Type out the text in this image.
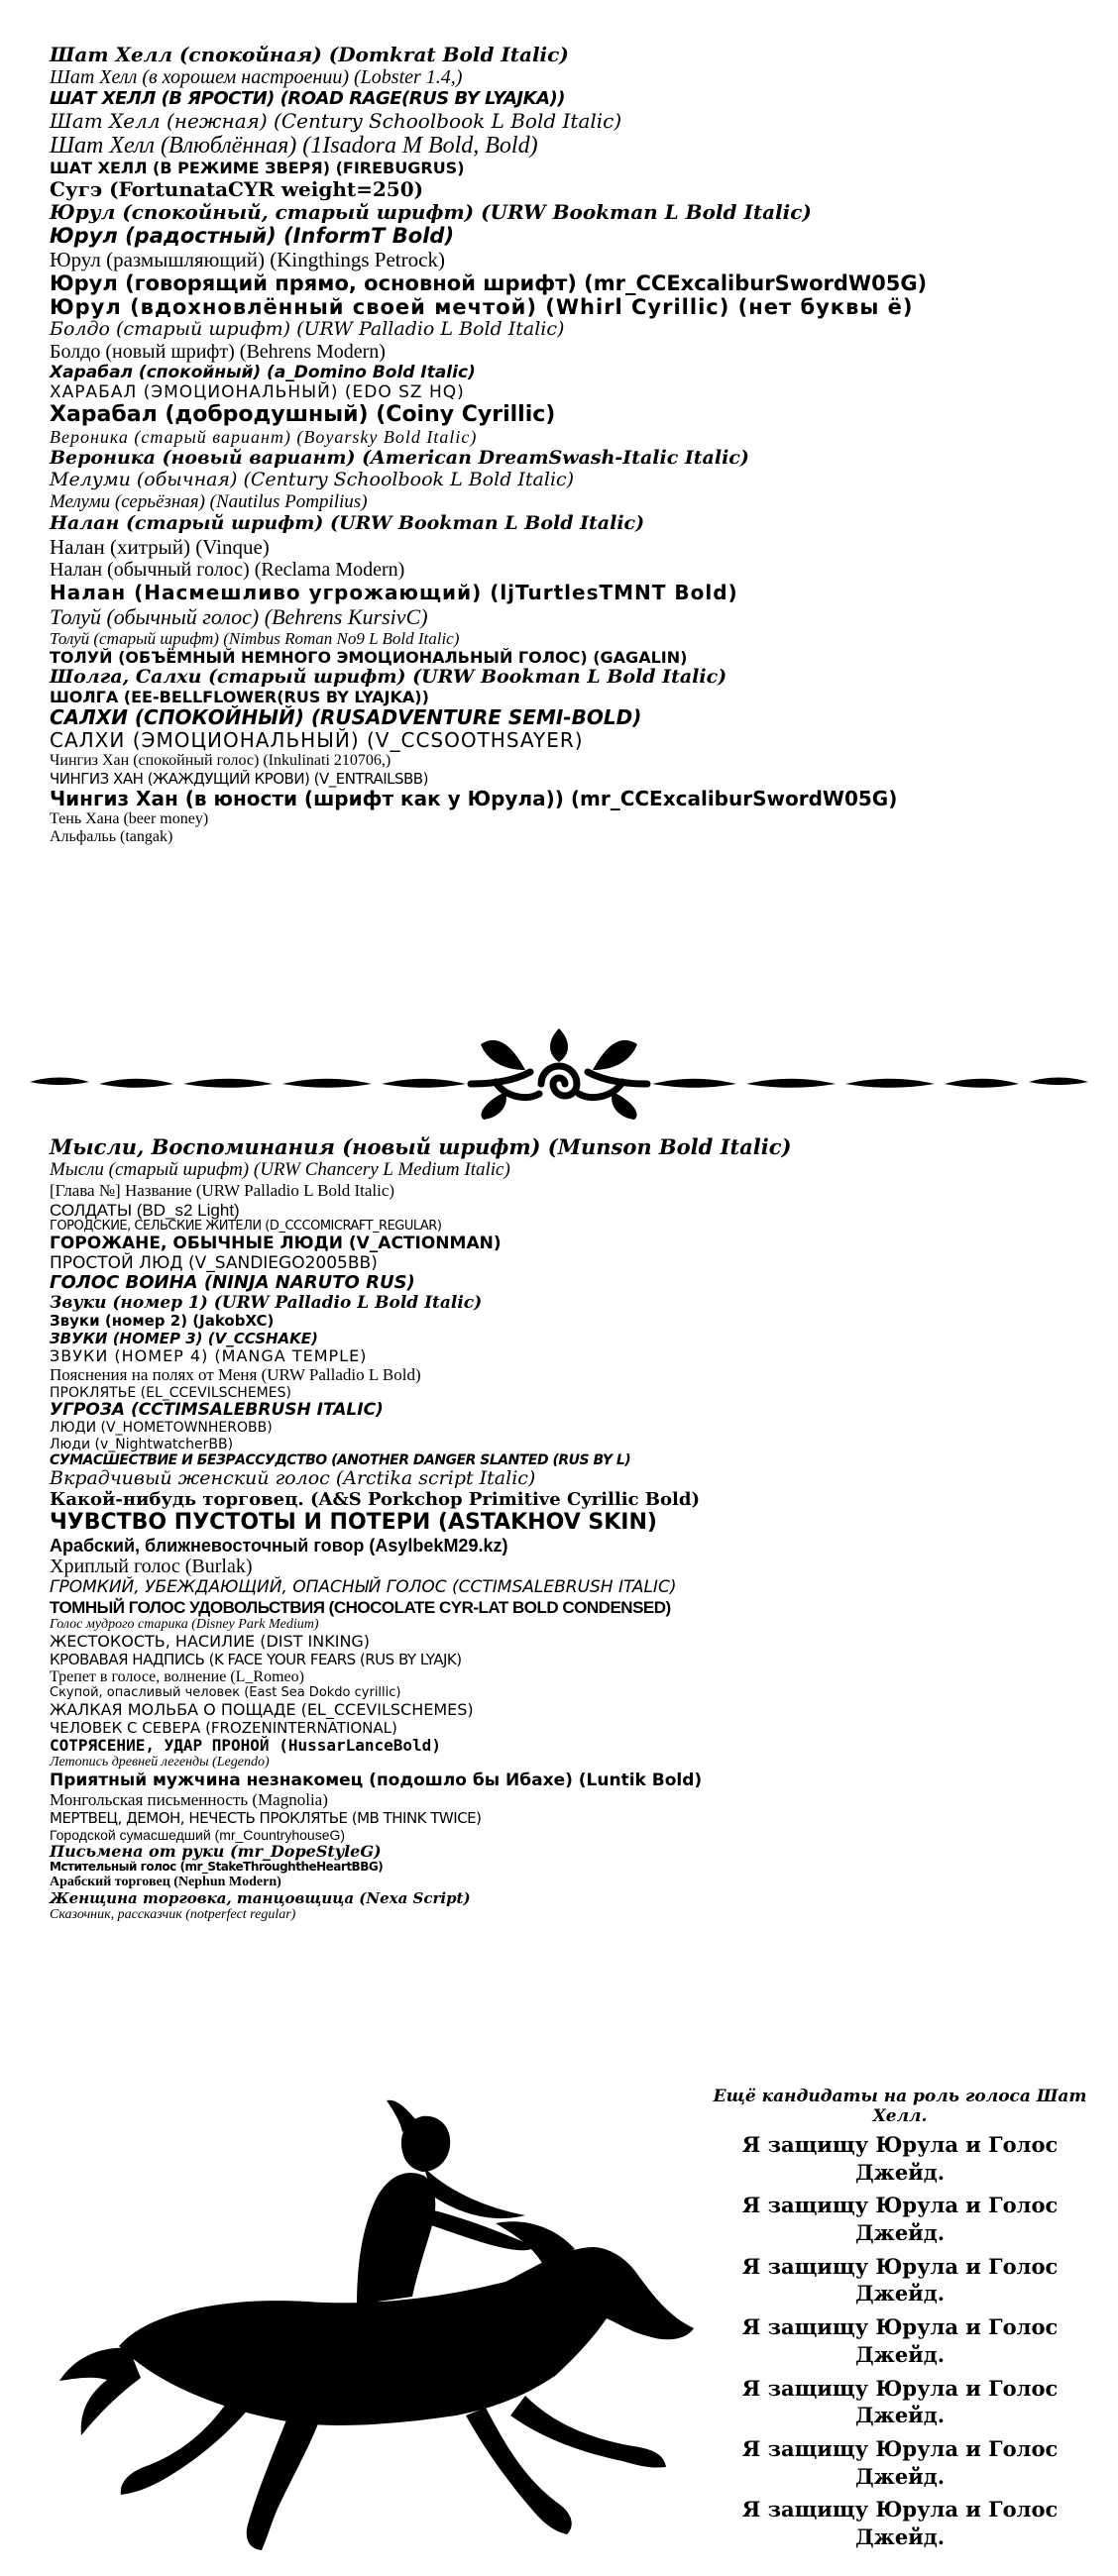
Шат Хелл (спокойная) (Domkrat Bold Italic)

Шат Хелл (в хорошем настроении) (Lobster 1.4,)

ШАТ ХЕЛЛ (В ЯРОСТИ) (ROAD RAGE(RUS BY LYAJKA))

Шат Хелл (нежная) (Century Schoolbook L Bold Italic)

Шат Хелл (Влюблённая) (1Isadora M Bold, Bold)

ШАТ ХЕЛЛ (В РЕЖИМЕ ЗВЕРЯ) (FIREBUGRUS)

Сугэ (FortunataCYR weight=250)

Юрул (спокойный, старый шрифт) (URW Bookman L Bold Italic)

Юрул (радостный) (InformT Bold)

Юрул (размышляющий) (Kingthings Petrock)

Юрул (говорящий прямо, основной шрифт) (mr_CCExcaliburSwordW05G)

Юрул (вдохновлённый своей мечтой) (Whirl Cyrillic) (нет буквы ё)

Болдо (старый шрифт) (URW Palladio L Bold Italic)

Болдо (новый шрифт) (Behrens Modern)

Харабал (спокойный) (a_Domino Bold Italic)

ХАРАБАЛ (ЭМОЦИОНАЛЬНЫЙ) (EDO SZ HQ)

Харабал (добродушный) (Coiny Cyrillic)

Вероника (старый вариант) (Boyarsky Bold Italic)

Вероника (новый вариант) (American DreamSwash-Italic Italic)

Мелуми (обычная) (Century Schoolbook L Bold Italic)

Мелуми (серьёзная) (Nautilus Pompilius)

Налан (старый шрифт) (URW Bookman L Bold Italic)

Налан (хитрый) (Vinque)

Налан (обычный голос) (Reclama Modern)

Налан (Насмешливо угрожающий) (ljTurtlesTMNT Bold)

Толуй (обычный голос) (Behrens KursivC)

Толуй (старый шрифт) (Nimbus Roman No9 L Bold Italic)

ТОЛУЙ (ОБЪЁМНЫЙ НЕМНОГО ЭМОЦИОНАЛЬНЫЙ ГОЛОС) (GAGALIN)

Шолга, Салхи (старый шрифт) (URW Bookman L Bold Italic)

ШОЛГА (EE-BELLFLOWER(RUS BY LYAJKA))

САЛХИ (СПОКОЙНЫЙ) (RUSADVENTURE SEMI-BOLD)

САЛХИ (ЭМОЦИОНАЛЬНЫЙ) (V_CCSOOTHSAYER)

Чингиз Хан (спокойный голос) (Inkulinati 210706,)

ЧИНГИЗ ХАН (ЖАЖДУЩИЙ КРОВИ) (V_ENTRAILSBB)

Чингиз Хан (в юности (шрифт как у Юрула)) (mr_CCExcaliburSwordW05G)

Тень Хана (beer money)

Альфальь (tangak)

Мысли, Воспоминания (новый шрифт) (Munson Bold Italic)

Мысли (старый шрифт) (URW Chancery L Medium Italic)

[Глава №] Название (URW Palladio L Bold Italic)

СОЛДАТЫ (BD_s2 Light)

ГОРОДСКИЕ, СЕЛЬСКИЕ ЖИТЕЛИ (D_CCCOMICRAFT_REGULAR)

ГОРОЖАНЕ, ОБЫЧНЫЕ ЛЮДИ (V_ACTIONMAN)

ПРОСТОЙ ЛЮД (V_SANDIEGO2005BB)

ГОЛОС ВОИНА (NINJA NARUTO RUS)

Звуки (номер 1) (URW Palladio L Bold Italic)

Звуки (номер 2) (JakobXC)

ЗВУКИ (НОМЕР 3) (V_CCSHAKE)

ЗВУКИ (НОМЕР 4) (MANGA TEMPLE)

Пояснения на полях от Меня (URW Palladio L Bold)

ПРОКЛЯТЬЕ (EL_CCEVILSCHEMES)

УГРОЗА (CCTIMSALEBRUSH ITALIC)

ЛЮДИ (V_HOMETOWNHEROBB)

Люди (v_NightwatcherBB)

СУМАСШЕСТВИЕ И БЕЗРАССУДСТВО (ANOTHER DANGER SLANTED (RUS BY L)

Вкрадчивый женский голос (Arctika script Italic)

Какой-нибудь торговец. (A&S Porkchop Primitive Cyrillic Bold)

ЧУВСТВО ПУСТОТЫ И ПОТЕРИ (ASTAKHOV SKIN)

Арабский, ближневосточный говор (AsylbekM29.kz)

Хриплый голос (Burlak)

ГРОМКИЙ, УБЕЖДАЮЩИЙ, ОПАСНЫЙ ГОЛОС (CCTIMSALEBRUSH ITALIC)

ТОМНЫЙ ГОЛОС УДОВОЛЬСТВИЯ (CHOCOLATE CYR-LAT BOLD CONDENSED)

Голос мудрого старика (Disney Park Medium)

ЖЕСТОКОСТЬ, НАСИЛИЕ (DIST INKING)

КРОВАВАЯ НАДПИСЬ (K FACE YOUR FEARS (RUS BY LYAJK)

Трепет в голосе, волнение (L_Romeo)

Скупой, опасливый человек (East Sea Dokdo cyrillic)

ЖАЛКАЯ МОЛЬБА О ПОЩАДЕ (EL_CCEVILSCHEMES)

ЧЕЛОВЕК С СЕВЕРА (FROZENINTERNATIONAL)

СОТРЯСЕНИЕ, УДАР ПРОНОЙ (HussarLanceBold)

Летопись древней легенды (Legendo)

Приятный мужчина незнакомец (подошло бы Ибахе) (Luntik Bold)

Монгольская письменность (Magnolia)

МЕРТВЕЦ, ДЕМОН, НЕЧЕСТЬ ПРОКЛЯТЬЕ (MB THINK TWICE)

Городской сумасшедший (mr_CountryhouseG)

Письмена от руки (mr_DopeStyleG)

Мстительный голос (mr_StakeThroughtheHeartBBG)

Арабский торговец (Nephun Modern)

Женщина торговка, танцовщица (Nexa Script)

Сказочник, рассказчик (notperfect regular)

Ещё кандидаты на роль голоса Шат Хелл.

Я защищу Юрула и Голос Джейд.

Я защищу Юрула и Голос Джейд.

Я защищу Юрула и Голос Джейд.

Я защищу Юрула и Голос Джейд.

Я защищу Юрула и Голос Джейд.

Я защищу Юрула и Голос Джейд.

Я защищу Юрула и Голос Джейд.
